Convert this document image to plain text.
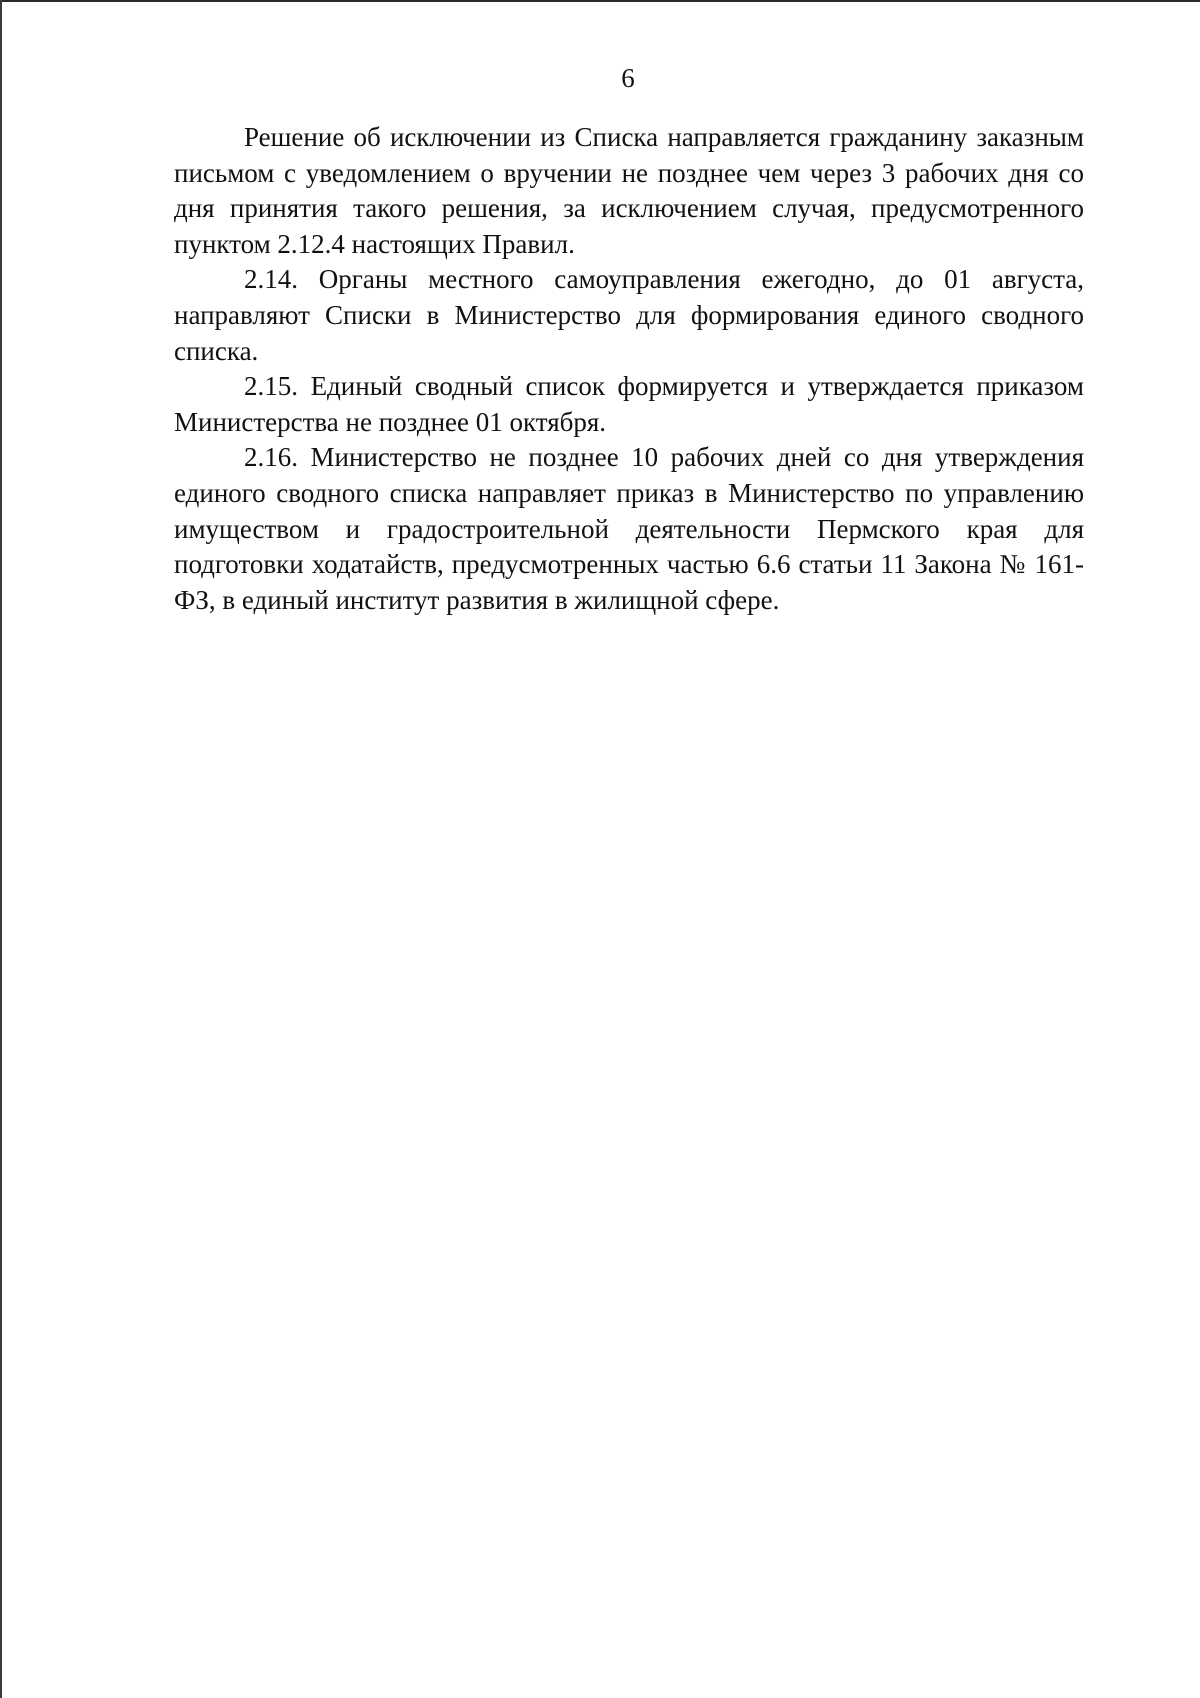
6

Решение об исключении из Списка направляется гражданину заказным письмом с уведомлением о вручении не позднее чем через 3 рабочих дня со дня принятия такого решения, за исключением случая, предусмотренного пунктом 2.12.4 настоящих Правил.

2.14. Органы местного самоуправления ежегодно, до 01 августа, направляют Списки в Министерство для формирования единого сводного списка.

2.15. Единый сводный список формируется и утверждается приказом Министерства не позднее 01 октября.

2.16. Министерство не позднее 10 рабочих дней со дня утверждения единого сводного списка направляет приказ в Министерство по управлению имуществом и градостроительной деятельности Пермского края для подготовки ходатайств, предусмотренных частью 6.6 статьи 11 Закона № 161-ФЗ, в единый институт развития в жилищной сфере.
